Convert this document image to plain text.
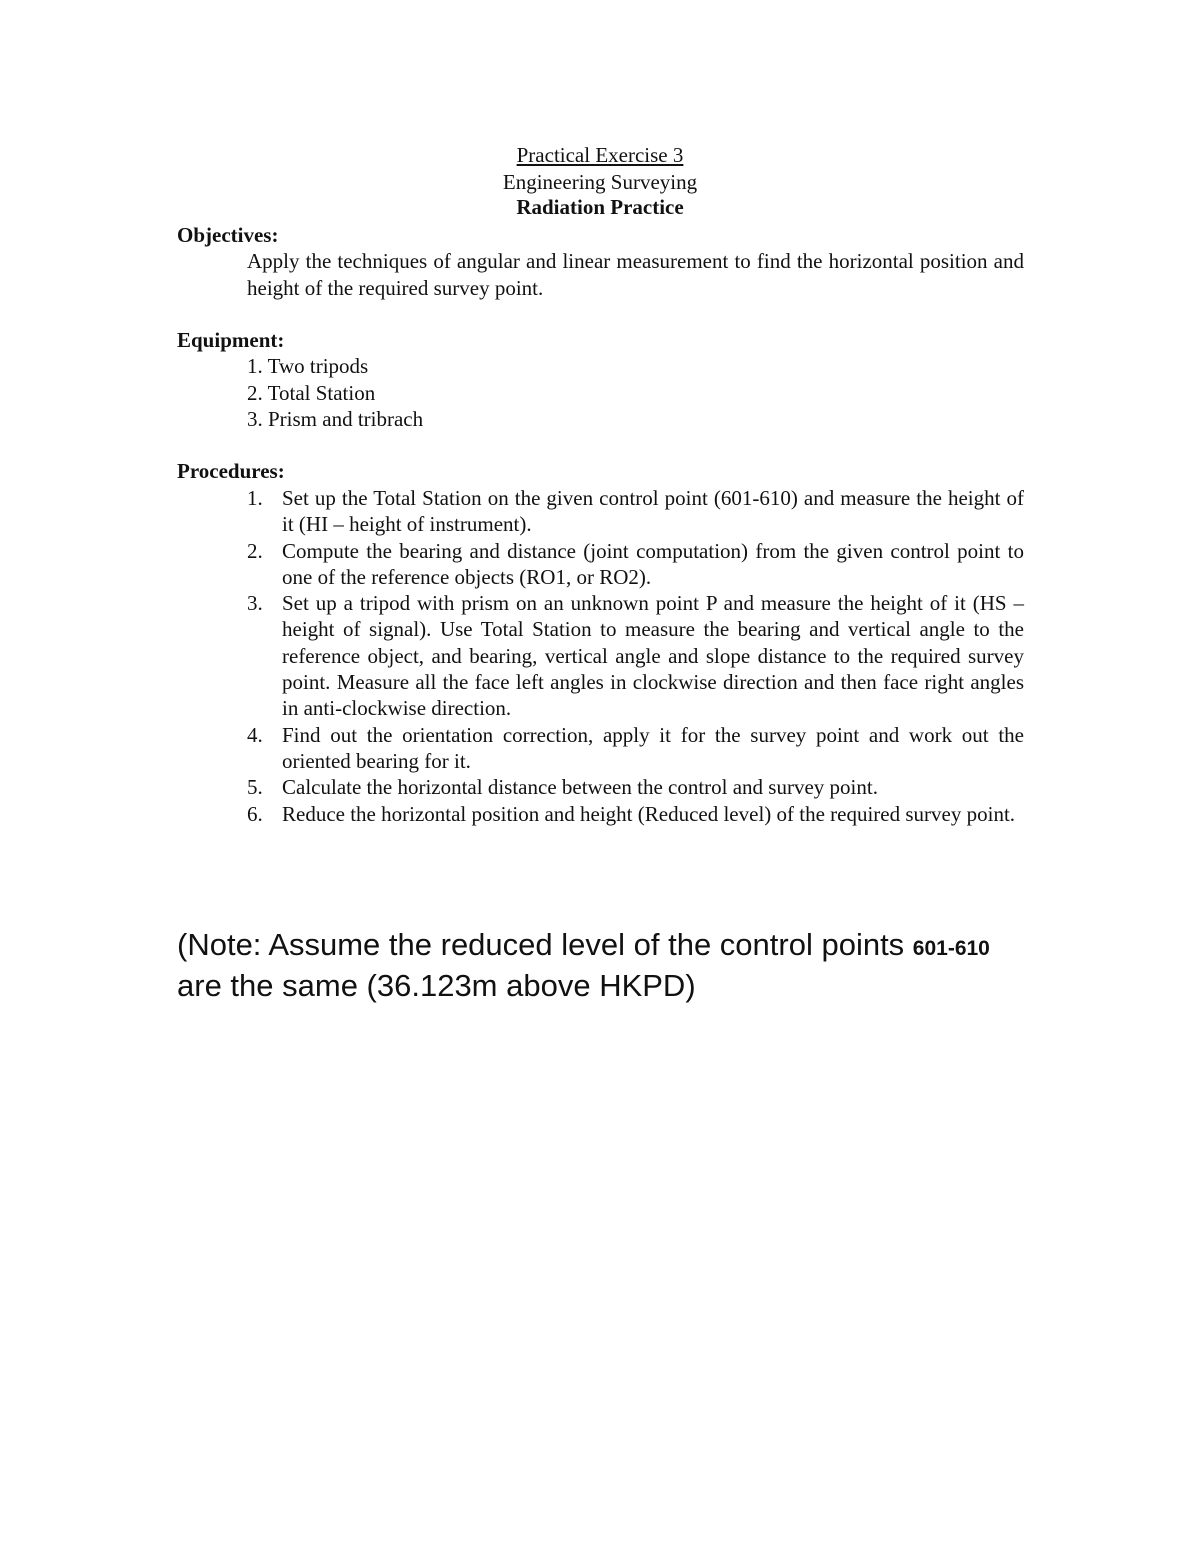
Practical Exercise 3
Engineering Surveying
Radiation Practice
Objectives:
Apply the techniques of angular and linear measurement to find the horizontal position and height of the required survey point.
Equipment:
1. Two tripods
2. Total Station
3. Prism and tribrach
Procedures:
1. Set up the Total Station on the given control point (601-610) and measure the height of it (HI – height of instrument).
2. Compute the bearing and distance (joint computation) from the given control point to one of the reference objects (RO1, or RO2).
3. Set up a tripod with prism on an unknown point P and measure the height of it (HS – height of signal). Use Total Station to measure the bearing and vertical angle to the reference object, and bearing, vertical angle and slope distance to the required survey point. Measure all the face left angles in clockwise direction and then face right angles in anti-clockwise direction.
4. Find out the orientation correction, apply it for the survey point and work out the oriented bearing for it.
5. Calculate the horizontal distance between the control and survey point.
6. Reduce the horizontal position and height (Reduced level) of the required survey point.
(Note: Assume the reduced level of the control points 601-610 are the same (36.123m above HKPD)
